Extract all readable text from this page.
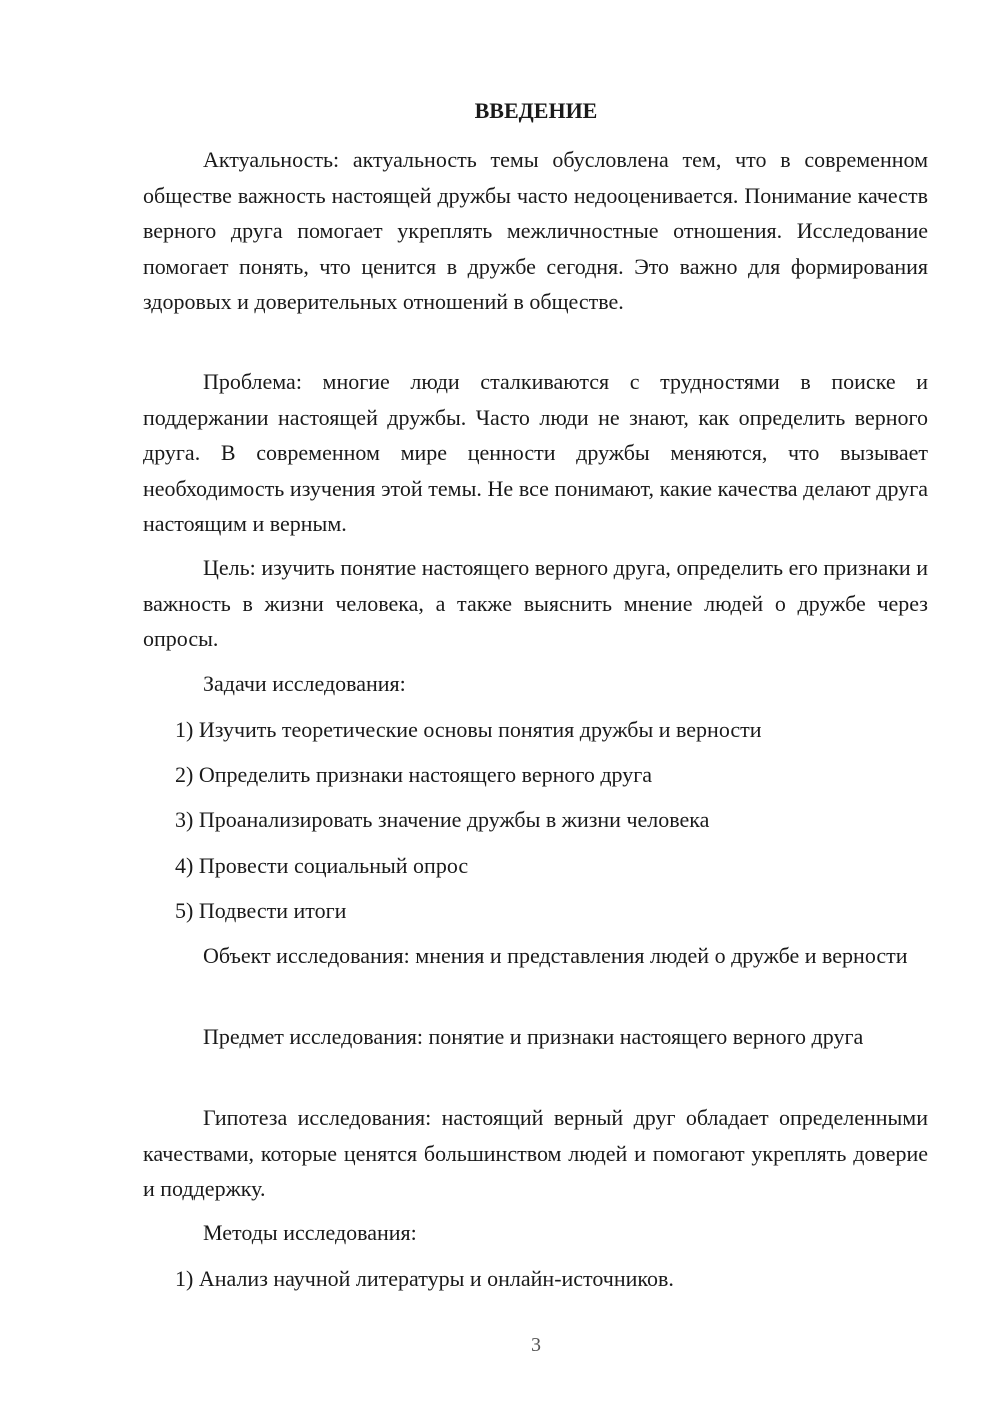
ВВЕДЕНИЕ

Актуальность: актуальность темы обусловлена тем, что в современном обществе важность настоящей дружбы часто недооценивается. Понимание качеств верного друга помогает укреплять межличностные отношения. Исследование помогает понять, что ценится в дружбе сегодня. Это важно для формирования здоровых и доверительных отношений в обществе.

Проблема: многие люди сталкиваются с трудностями в поиске и поддержании настоящей дружбы. Часто люди не знают, как определить верного друга. В современном мире ценности дружбы меняются, что вызывает необходимость изучения этой темы. Не все понимают, какие качества делают друга настоящим и верным.

Цель: изучить понятие настоящего верного друга, определить его признаки и важность в жизни человека, а также выяснить мнение людей о дружбе через опросы.

Задачи исследования:

1) Изучить теоретические основы понятия дружбы и верности

2) Определить признаки настоящего верного друга

3) Проанализировать значение дружбы в жизни человека

4) Провести социальный опрос

5) Подвести итоги

Объект исследования: мнения и представления людей о дружбе и верности

Предмет исследования: понятие и признаки настоящего верного друга

Гипотеза исследования: настоящий верный друг обладает определенными качествами, которые ценятся большинством людей и помогают укреплять доверие и поддержку.

Методы исследования:

1) Анализ научной литературы и онлайн-источников.

3
